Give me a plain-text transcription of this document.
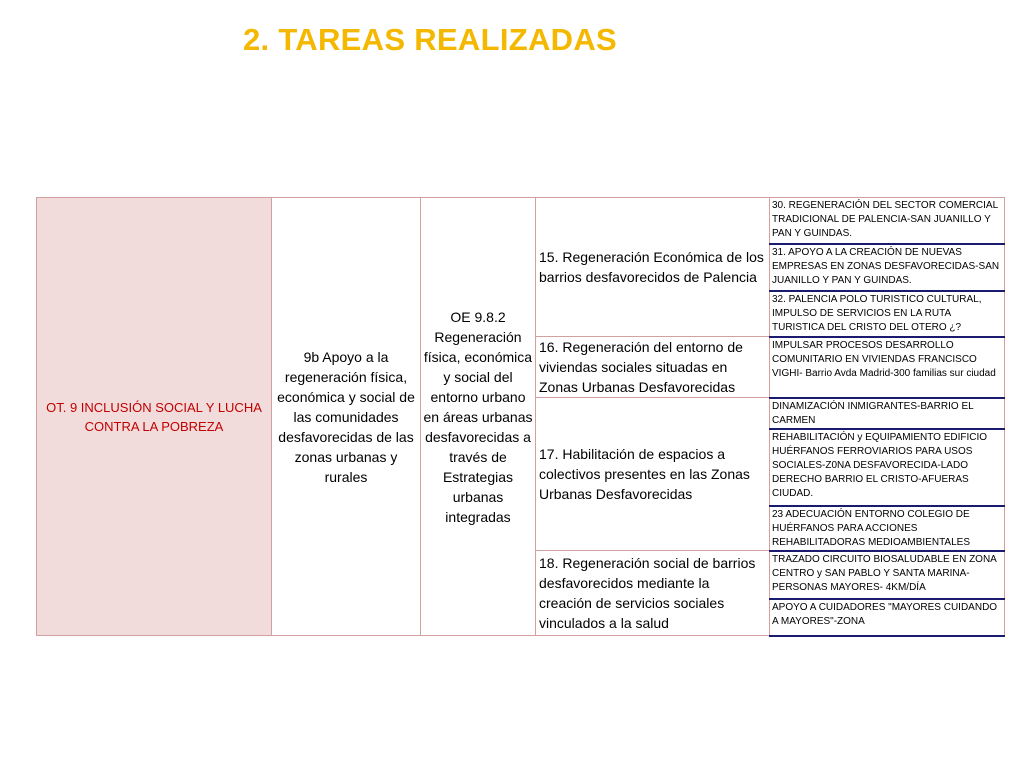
2. TAREAS REALIZADAS
OT. 9 INCLUSIÓN SOCIAL Y LUCHA CONTRA LA POBREZA	9b Apoyo a la regeneración física, económica y social de las comunidades desfavorecidas de las zonas urbanas y rurales	OE 9.8.2 Regeneración física, económica y social del entorno urbano en áreas urbanas desfavorecidas a través de Estrategias urbanas integradas	15. Regeneración Económica de los barrios desfavorecidos de Palencia	30. REGENERACIÓN DEL SECTOR COMERCIAL TRADICIONAL DE PALENCIA-SAN JUANILLO Y PAN Y GUINDAS.

				31. APOYO A LA CREACIÓN DE NUEVAS EMPRESAS EN ZONAS DESFAVORECIDAS-SAN JUANILLO Y PAN Y GUINDAS.

				32. PALENCIA POLO TURISTICO CULTURAL, IMPULSO DE SERVICIOS EN LA RUTA TURISTICA DEL CRISTO DEL OTERO ¿?

			16. Regeneración del entorno de viviendas sociales situadas en Zonas Urbanas Desfavorecidas	IMPULSAR PROCESOS DESARROLLO COMUNITARIO EN VIVIENDAS FRANCISCO VIGHI- Barrio Avda Madrid-300 familias sur ciudad

			17. Habilitación de espacios a colectivos presentes en las Zonas Urbanas Desfavorecidas	DINAMIZACIÓN INMIGRANTES-BARRIO EL CARMEN

				REHABILITACIÓN y EQUIPAMIENTO EDIFICIO HUÉRFANOS FERROVIARIOS PARA USOS SOCIALES-Z0NA DESFAVORECIDA-LADO DERECHO BARRIO EL CRISTO-AFUERAS CIUDAD.

				23 ADECUACIÓN ENTORNO COLEGIO DE HUÉRFANOS PARA ACCIONES REHABILITADORAS MEDIOAMBIENTALES

			18. Regeneración social de barrios desfavorecidos mediante la creación de servicios sociales vinculados a la salud	TRAZADO CIRCUITO BIOSALUDABLE EN ZONA CENTRO y SAN PABLO Y SANTA MARINA-PERSONAS MAYORES- 4KM/DÍA

				APOYO A CUIDADORES "MAYORES CUIDANDO A MAYORES"-ZONA
